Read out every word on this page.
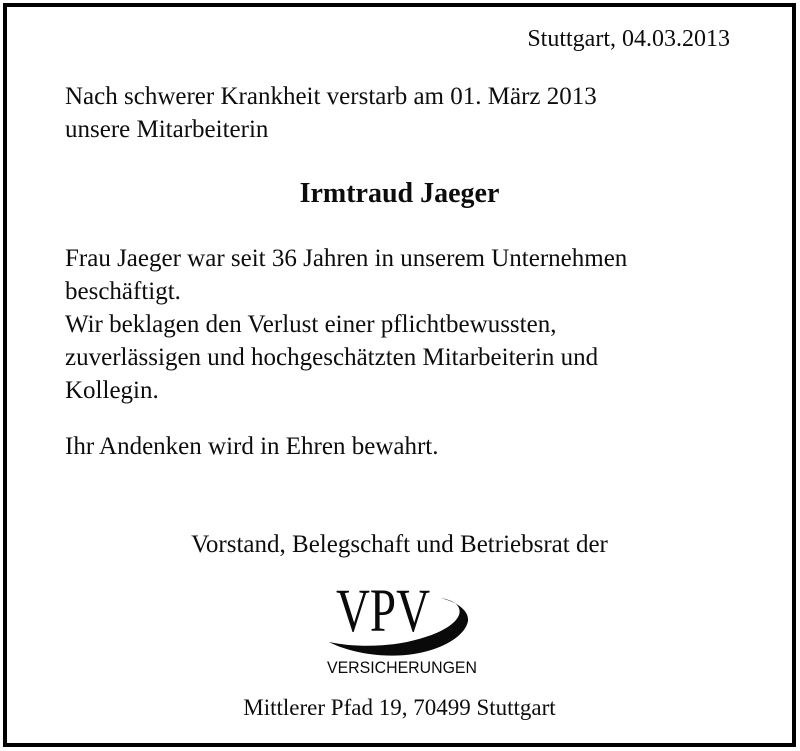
Stuttgart, 04.03.2013
Nach schwerer Krankheit verstarb am 01. März 2013
unsere Mitarbeiterin
Irmtraud Jaeger
Frau Jaeger war seit 36 Jahren in unserem Unternehmen
beschäftigt.
Wir beklagen den Verlust einer pflichtbewussten,
zuverlässigen und hochgeschätzten Mitarbeiterin und
Kollegin.
Ihr Andenken wird in Ehren bewahrt.
Vorstand, Belegschaft und Betriebsrat der
VPV
VERSICHERUNGEN
Mittlerer Pfad 19, 70499 Stuttgart
